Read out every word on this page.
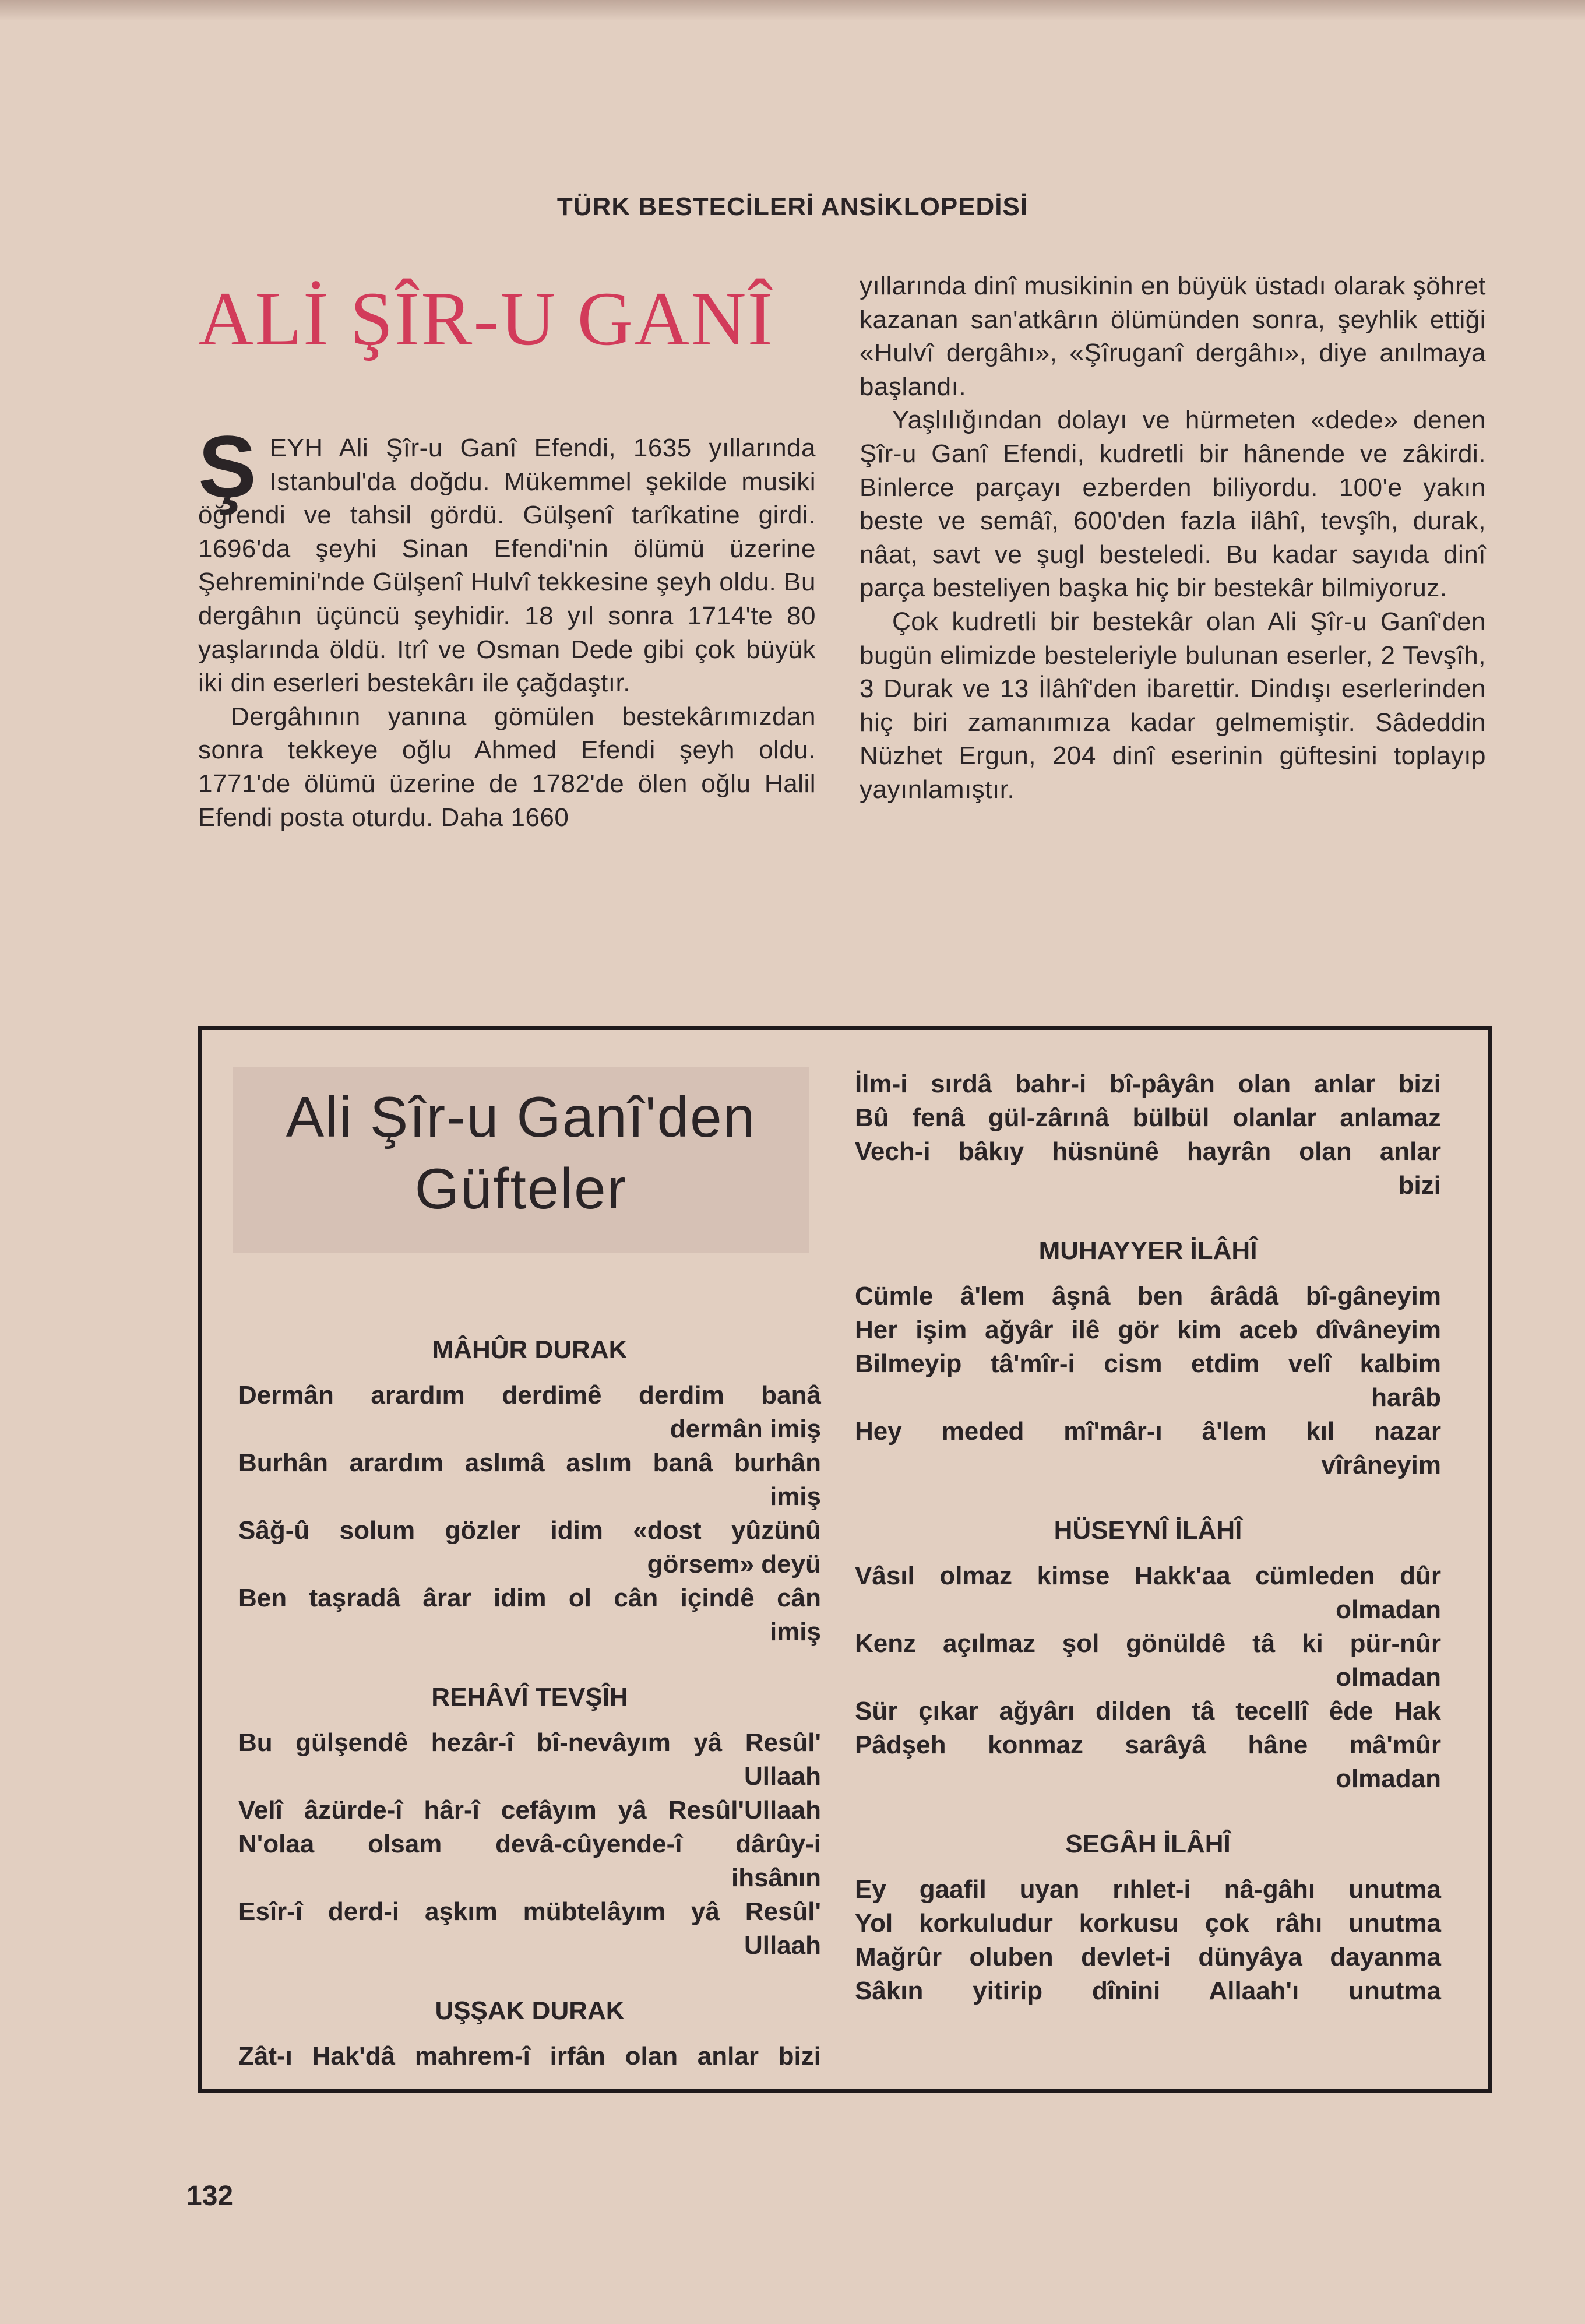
TÜRK BESTECİLERİ ANSİKLOPEDİSİ
ALİ ŞÎR-U GANÎ

ŞEYH Ali Şîr-u Ganî Efendi, 1635 yıllarında Istanbul'da doğdu. Mükemmel şekilde musiki öğrendi ve tahsil gördü. Gülşenî tarîkatine girdi. 1696'da şeyhi Sinan Efendi'nin ölümü üzerine Şehremini'nde Gülşenî Hulvî tekkesine şeyh oldu. Bu dergâhın üçüncü şeyhidir. 18 yıl sonra 1714'te 80 yaşlarında öldü. Itrî ve Osman Dede gibi çok büyük iki din eserleri bestekârı ile çağdaştır.

Dergâhının yanına gömülen bestekârımızdan sonra tekkeye oğlu Ahmed Efendi şeyh oldu. 1771'de ölümü üzerine de 1782'de ölen oğlu Halil Efendi posta oturdu. Daha 1660

yıllarında dinî musikinin en büyük üstadı olarak şöhret kazanan san'atkârın ölümünden sonra, şeyhlik ettiği «Hulvî dergâhı», «Şîruganî dergâhı», diye anılmaya başlandı.

Yaşlılığından dolayı ve hürmeten «dede» denen Şîr-u Ganî Efendi, kudretli bir hânende ve zâkirdi. Binlerce parçayı ezberden biliyordu. 100'e yakın beste ve semâî, 600'den fazla ilâhî, tevşîh, durak, nâat, savt ve şugl besteledi. Bu kadar sayıda dinî parça besteliyen başka hiç bir bestekâr bilmiyoruz.

Çok kudretli bir bestekâr olan Ali Şîr-u Ganî'den bugün elimizde besteleriyle bulunan eserler, 2 Tevşîh, 3 Durak ve 13 İlâhî'den ibarettir. Dindışı eserlerinden hiç biri zamanımıza kadar gelmemiştir. Sâdeddin Nüzhet Ergun, 204 dinî eserinin güftesini toplayıp yayınlamıştır.

Ali Şîr-u Ganî'den
Güfteler

MÂHÛR DURAK

Dermân arardım derdimê derdim banâ

dermân imiş

Burhân arardım aslımâ aslım banâ burhân

imiş

Sâğ-û solum gözler idim «dost yûzünû

görsem» deyü

Ben taşradâ ârar idim ol cân içindê cân

imiş

REHÂVÎ TEVŞÎH

Bu gülşendê hezâr-î bî-nevâyım yâ Resûl'

Ullaah

Velî âzürde-î hâr-î cefâyım yâ Resûl'Ullaah

N'olaa olsam devâ-cûyende-î dârûy-i

ihsânın

Esîr-î derd-i aşkım mübtelâyım yâ Resûl'

Ullaah

UŞŞAK DURAK

Zât-ı Hak'dâ mahrem-î irfân olan anlar bizi

İlm-i sırdâ bahr-i bî-pâyân olan anlar bizi

Bû fenâ gül-zârınâ bülbül olanlar anlamaz

Vech-i bâkıy hüsnünê hayrân olan anlar

bizi

MUHAYYER İLÂHÎ

Cümle â'lem âşnâ ben ârâdâ bî-gâneyim

Her işim ağyâr ilê gör kim aceb dîvâneyim

Bilmeyip tâ'mîr-i cism etdim velî kalbim

harâb

Hey meded mî'mâr-ı â'lem kıl nazar

vîrâneyim

HÜSEYNÎ İLÂHÎ

Vâsıl olmaz kimse Hakk'aa cümleden dûr

olmadan

Kenz açılmaz şol gönüldê tâ ki pür-nûr

olmadan

Sür çıkar ağyârı dilden tâ tecellî êde Hak

Pâdşeh konmaz sarâyâ hâne mâ'mûr

olmadan

SEGÂH İLÂHÎ

Ey gaafil uyan rıhlet-i nâ-gâhı unutma

Yol korkuludur korkusu çok râhı unutma

Mağrûr oluben devlet-i dünyâya dayanma

Sâkın yitirip dînini Allaah'ı unutma

132
